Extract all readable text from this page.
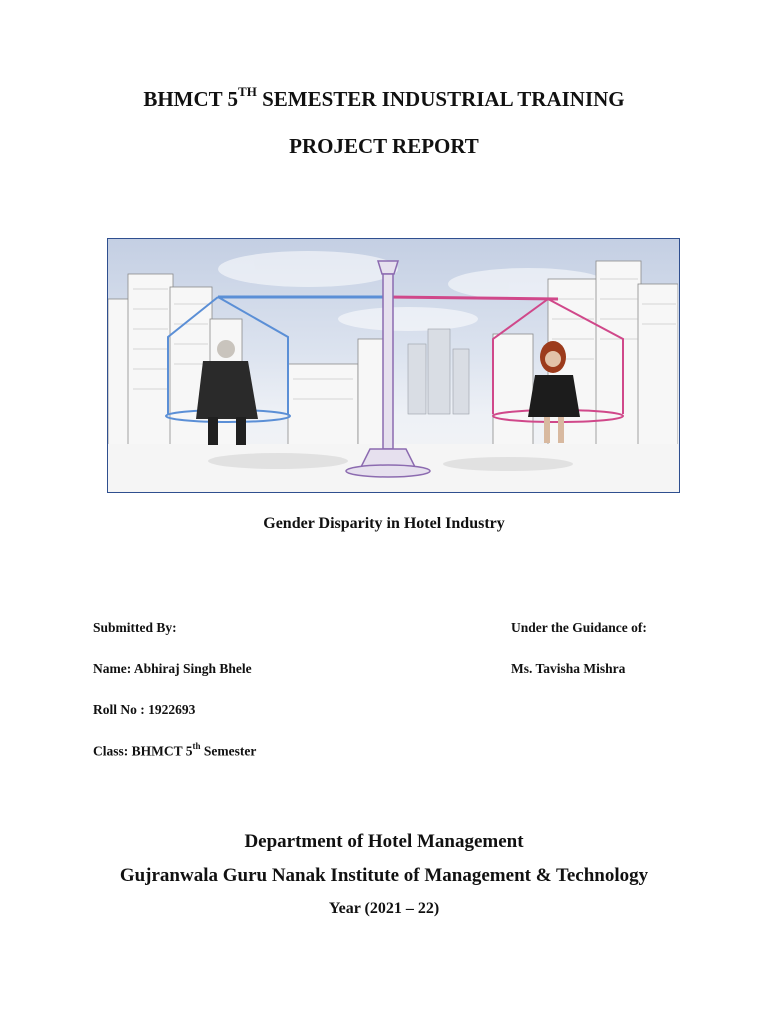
BHMCT 5TH SEMESTER INDUSTRIAL TRAINING
PROJECT REPORT
Gender Disparity in Hotel Industry
Submitted By:	Under the Guidance of:
Name: Abhiraj Singh Bhele	Ms. Tavisha Mishra
Roll No : 1922693
Class: BHMCT 5th Semester
Department of Hotel Management
Gujranwala Guru Nanak Institute of Management & Technology
Year (2021 – 22)
